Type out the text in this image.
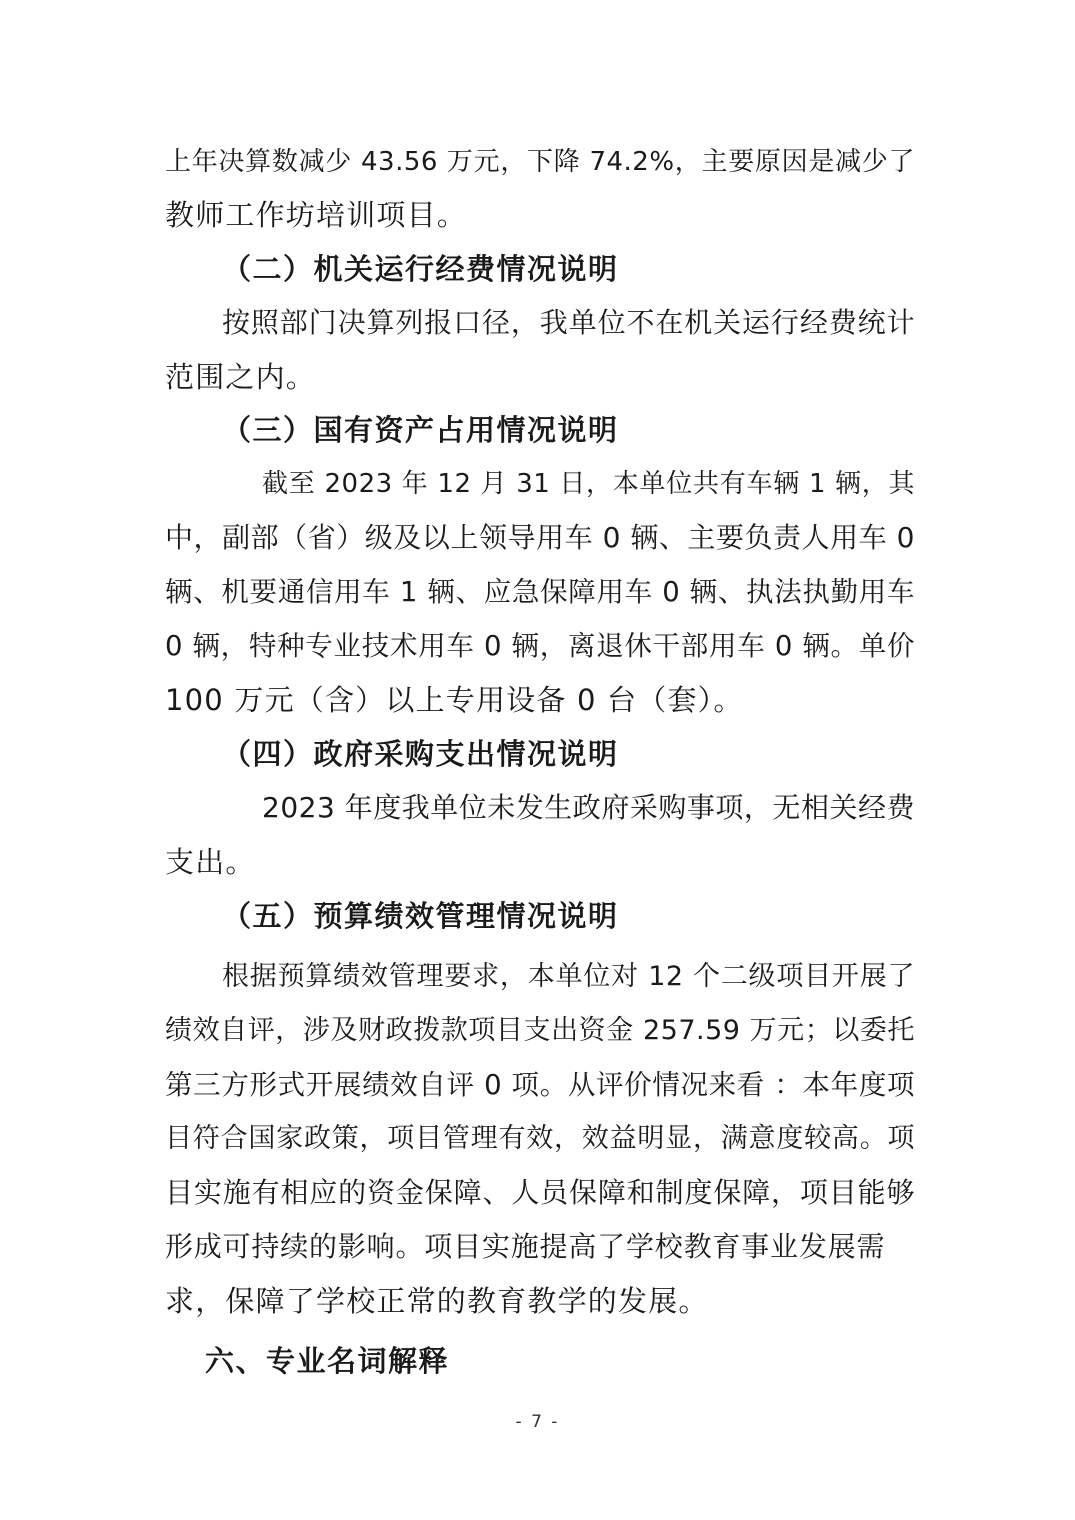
上年决算数减少 43.56 万元，下降 74.2%，主要原因是减少了
教师工作坊培训项目。
（二）机关运行经费情况说明
按照部门决算列报口径，我单位不在机关运行经费统计
范围之内。
（三）国有资产占用情况说明
截至 2023 年 12 月 31 日，本单位共有车辆 1 辆，其
中，副部（省）级及以上领导用车 0 辆、主要负责人用车 0
辆、机要通信用车 1 辆、应急保障用车 0 辆、执法执勤用车
0 辆，特种专业技术用车 0 辆，离退休干部用车 0 辆。单价
100 万元（含）以上专用设备 0 台（套）。
（四）政府采购支出情况说明
2023 年度我单位未发生政府采购事项，无相关经费
支出。
（五）预算绩效管理情况说明
根据预算绩效管理要求，本单位对 12 个二级项目开展了
绩效自评，涉及财政拨款项目支出资金 257.59 万元；以委托
第三方形式开展绩效自评 0 项。从评价情况来看 ：本年度项
目符合国家政策，项目管理有效，效益明显，满意度较高。项
目实施有相应的资金保障、人员保障和制度保障，项目能够
形成可持续的影响。项目实施提高了学校教育事业发展需
求，保障了学校正常的教育教学的发展。
六、专业名词解释
- 7 -
